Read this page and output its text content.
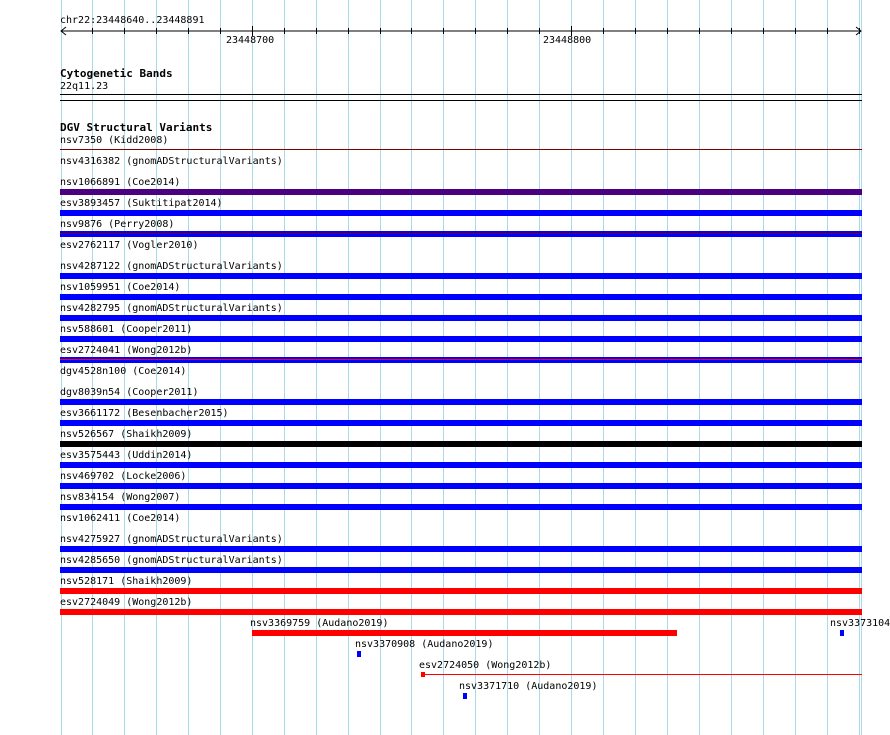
chr22:23448640..23448891
23448700	23448800
Cytogenetic Bands
22q11.23
DGV Structural Variants
nsv7350 (Kidd2008)
nsv4316382 (gnomADStructuralVariants)
nsv1066891 (Coe2014)
esv3893457 (Suktitipat2014)
nsv9876 (Perry2008)
esv2762117 (Vogler2010)
nsv4287122 (gnomADStructuralVariants)
nsv1059951 (Coe2014)
nsv4282795 (gnomADStructuralVariants)
nsv588601 (Cooper2011)
esv2724041 (Wong2012b)
dgv4528n100 (Coe2014)
dgv8039n54 (Cooper2011)
esv3661172 (Besenbacher2015)
nsv526567 (Shaikh2009)
esv3575443 (Uddin2014)
nsv469702 (Locke2006)
nsv834154 (Wong2007)
nsv1062411 (Coe2014)
nsv4275927 (gnomADStructuralVariants)
nsv4285650 (gnomADStructuralVariants)
nsv528171 (Shaikh2009)
esv2724049 (Wong2012b)
nsv3369759 (Audano2019)	nsv3373104
nsv3370908 (Audano2019)
esv2724050 (Wong2012b)
nsv3371710 (Audano2019)
